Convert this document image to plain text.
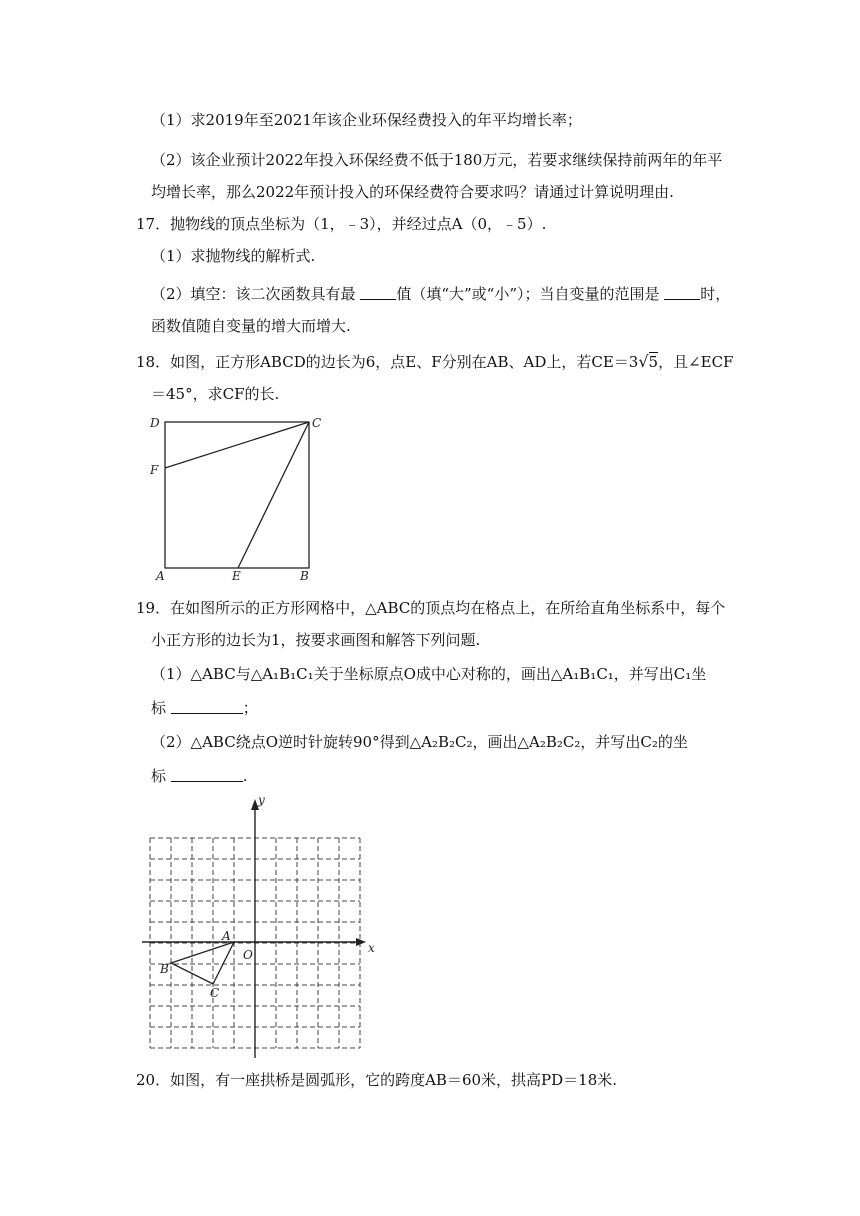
（1）求2019年至2021年该企业环保经费投入的年平均增长率；
（2）该企业预计2022年投入环保经费不低于180万元，若要求继续保持前两年的年平
均增长率，那么2022年预计投入的环保经费符合要求吗？请通过计算说明理由.
17．抛物线的顶点坐标为（1，﹣3），并经过点A（0，﹣5）.
（1）求抛物线的解析式.
（2）填空：该二次函数具有最 值（填“大”或“小”）；当自变量的范围是 时，
函数值随自变量的增大而增大.
18．如图，正方形ABCD的边长为6，点E、F分别在AB、AD上，若CE＝3√5，且∠ECF
＝45°，求CF的长.
D	C
F
A	E	B
19．在如图所示的正方形网格中，△ABC的顶点均在格点上，在所给直角坐标系中，每个
小正方形的边长为1，按要求画图和解答下列问题.
（1）△ABC与△A₁B₁C₁关于坐标原点O成中心对称的，画出△A₁B₁C₁，并写出C₁坐
标	；
（2）△ABC绕点O逆时针旋转90°得到△A₂B₂C₂，画出△A₂B₂C₂，并写出C₂的坐
标	.
x
y
O
A
B
C
20．如图，有一座拱桥是圆弧形，它的跨度AB＝60米，拱高PD＝18米.
